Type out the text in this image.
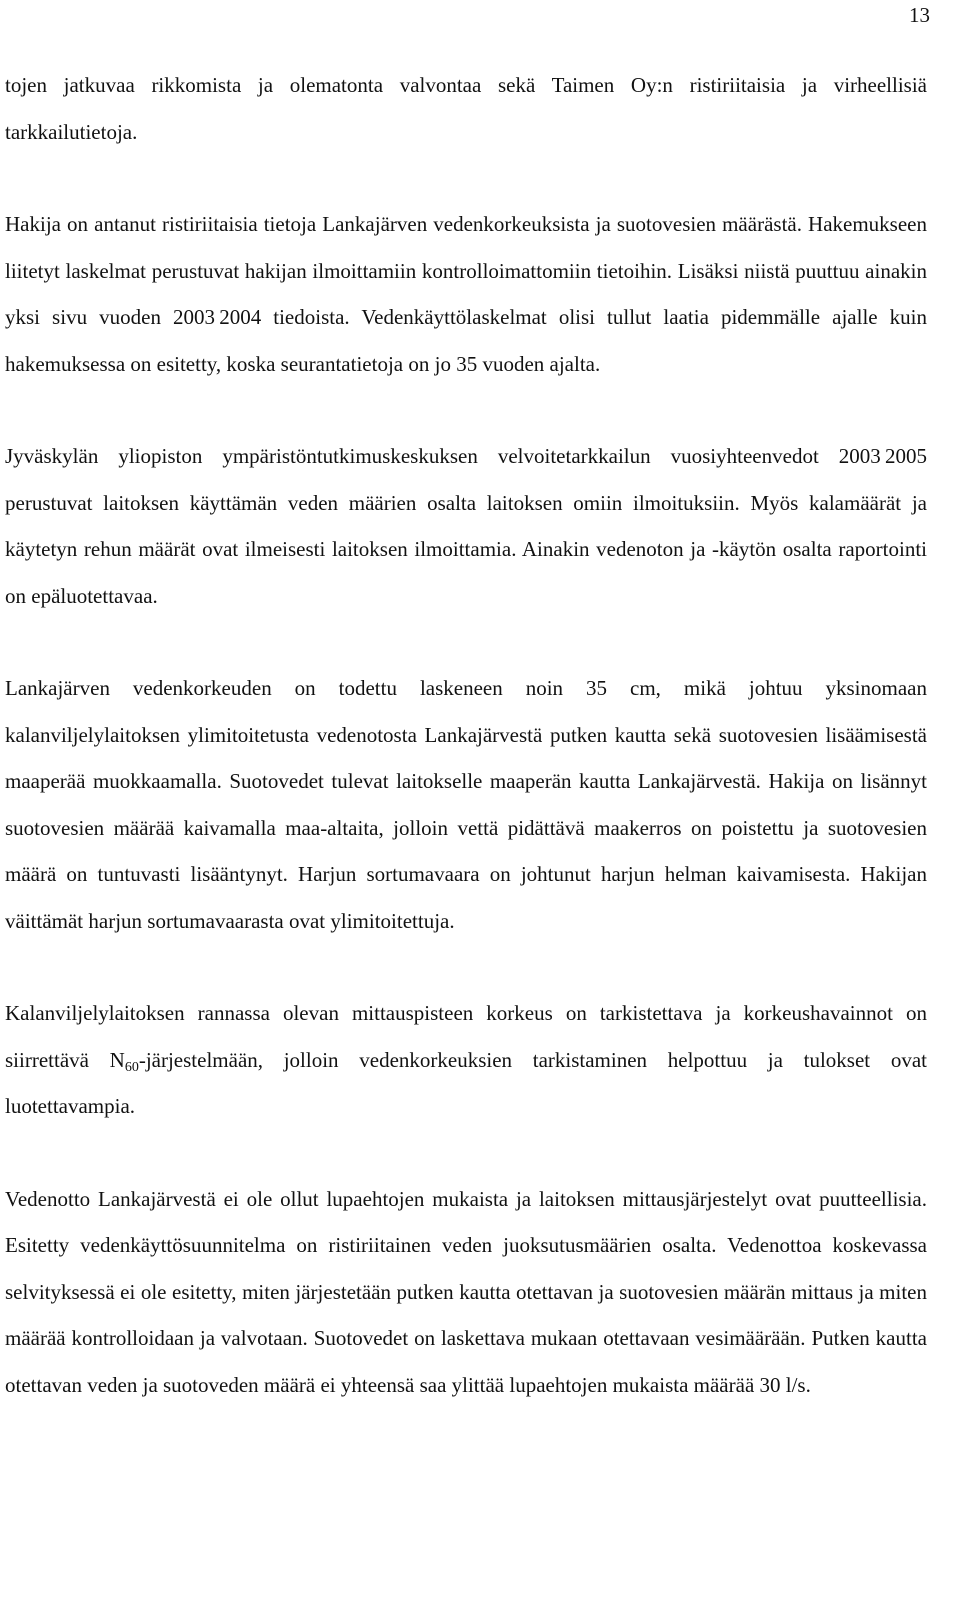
13

tojen jatkuvaa rikkomista ja olematonta valvontaa sekä Taimen Oy:n ristiriitaisia ja virheellisiä tarkkailutietoja.

Hakija on antanut ristiriitaisia tietoja Lankajärven vedenkorkeuksista ja suotovesien määrästä. Hakemukseen liitetyt laskelmat perustuvat hakijan ilmoittamiin kontrolloimattomiin tietoihin. Lisäksi niistä puuttuu ainakin yksi sivu vuoden 2003 2004 tiedoista. Vedenkäyttölaskelmat olisi tullut laatia pidemmälle ajalle kuin hakemuksessa on esitetty, koska seurantatietoja on jo 35 vuoden ajalta.

Jyväskylän yliopiston ympäristöntutkimuskeskuksen velvoitetarkkailun vuosiyhteenvedot 2003 2005 perustuvat laitoksen käyttämän veden määrien osalta laitoksen omiin ilmoituksiin. Myös kalamäärät ja käytetyn rehun määrät ovat ilmeisesti laitoksen ilmoittamia. Ainakin vedenoton ja -käytön osalta raportointi on epäluotettavaa.

Lankajärven vedenkorkeuden on todettu laskeneen noin 35 cm, mikä johtuu yksinomaan kalanviljelylaitoksen ylimitoitetusta vedenotosta Lankajärvestä putken kautta sekä suotovesien lisäämisestä maaperää muokkaamalla. Suotovedet tulevat laitokselle maaperän kautta Lankajärvestä. Hakija on lisännyt suotovesien määrää kaivamalla maa-altaita, jolloin vettä pidättävä maakerros on poistettu ja suotovesien määrä on tuntuvasti lisääntynyt. Harjun sortumavaara on johtunut harjun helman kaivamisesta. Hakijan väittämät harjun sortumavaarasta ovat ylimitoitettuja.

Kalanviljelylaitoksen rannassa olevan mittauspisteen korkeus on tarkistettava ja korkeushavainnot on siirrettävä $N_{60}$-järjestelmään, jolloin vedenkorkeuksien tarkistaminen helpottuu ja tulokset ovat luotettavampia.

Vedenotto Lankajärvestä ei ole ollut lupaehtojen mukaista ja laitoksen mittausjärjestelyt ovat puutteellisia. Esitetty vedenkäyttösuunnitelma on ristiriitainen veden juoksutusmäärien osalta. Vedenottoa koskevassa selvityksessä ei ole esitetty, miten järjestetään putken kautta otettavan ja suotovesien määrän mittaus ja miten määrää kontrolloidaan ja valvotaan. Suotovedet on laskettava mukaan otettavaan vesimäärään. Putken kautta otettavan veden ja suotoveden määrä ei yhteensä saa ylittää lupaehtojen mukaista määrää 30 l/s.
